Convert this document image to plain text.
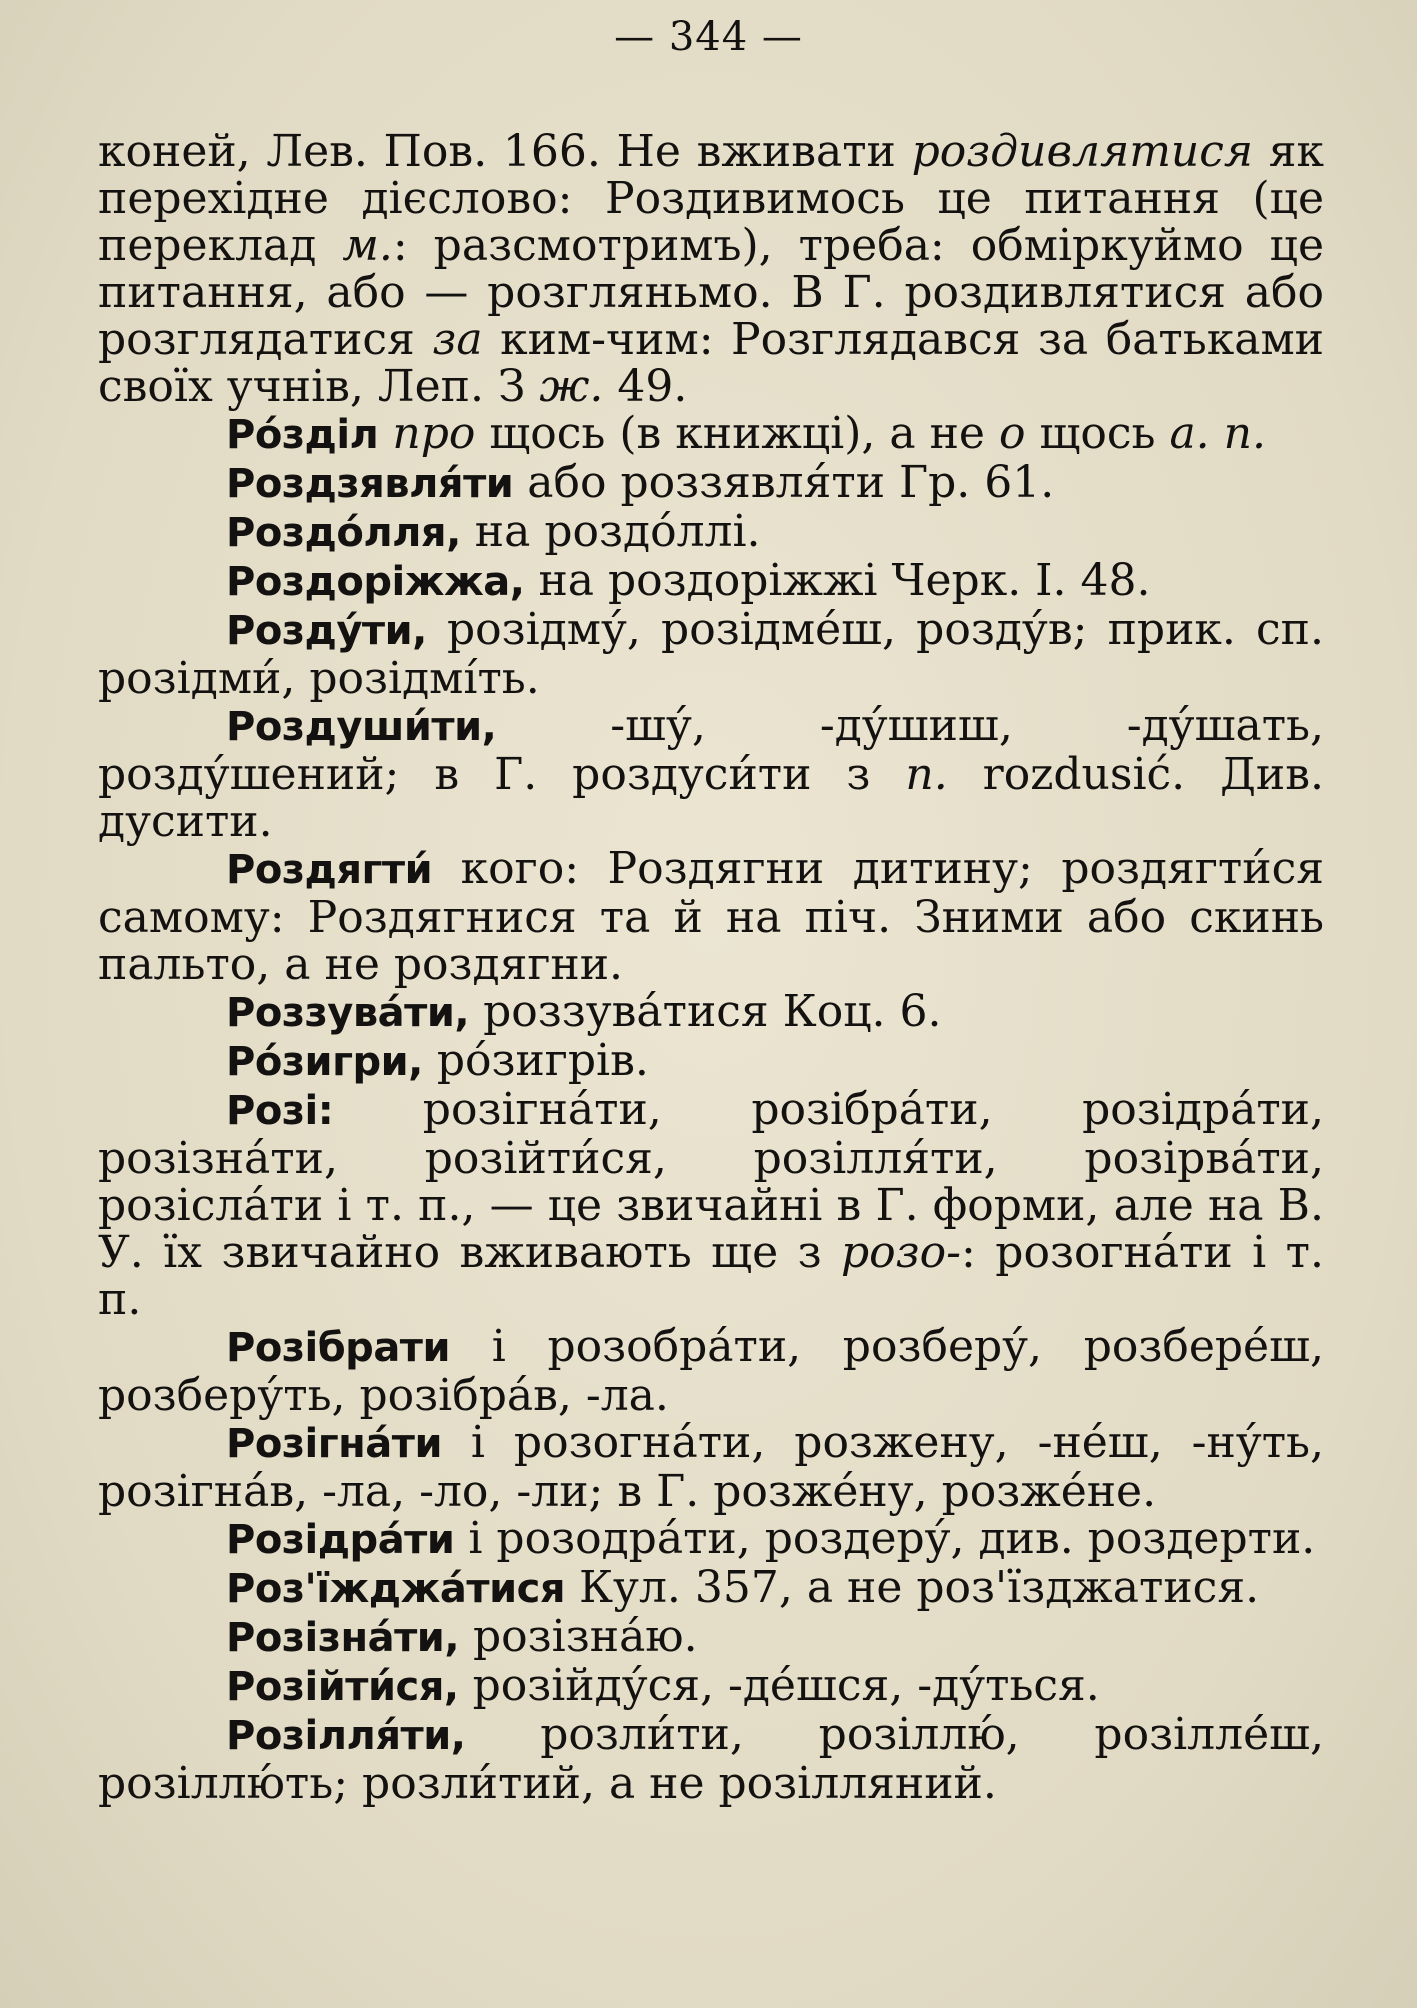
— 344 —

коней, Лев. Пов. 166. Не вживати роздивлятися як перехідне дієслово: Роздивимось це питання (це переклад м.: разсмотримъ), треба: обміркуймо це питання, або — розгляньмо. В Г. роздивлятися або розглядатися за ким-чим: Розглядався за батьками своїх учнів, Леп. З ж. 49.

Ро́зділ про щось (в книжці), а не о щось а. п.

Роздзявля́ти або роззявля́ти Гр. 61.

Роздо́лля, на роздо́ллі.

Роздоріжжа, на роздоріжжі Черк. І. 48.

Розду́ти, розідму́, розідме́ш, розду́в; прик. сп. розідми́, розідмі́ть.

Роздуши́ти, -шу́, -ду́шиш, -ду́шать, розду́шений; в Г. роздуси́ти з п. rozdusić. Див. дусити.

Роздягти́ кого: Роздягни дитину; роздягти́ся самому: Роздягнися та й на піч. Зними або скинь пальто, а не роздягни.

Роззува́ти, роззува́тися Коц. 6.

Ро́зигри, ро́зигрів.

Розі: розігна́ти, розібра́ти, розідра́ти, розізна́ти, розійти́ся, розілля́ти, розірва́ти, розісла́ти і т. п., — це звичайні в Г. форми, але на В. У. їх звичайно вживають ще з розо-: розогна́ти і т. п.

Розібрати і розобра́ти, розберу́, розбере́ш, розберу́ть, розібра́в, -ла.

Розігна́ти і розогна́ти, розжену, -не́ш, -ну́ть, розігна́в, -ла, -ло, -ли; в Г. розже́ну, розже́не.

Розідра́ти і розодра́ти, роздеру́, див. роздерти.

Роз'їжджа́тися Кул. 357, а не роз'їзджатися.

Розізна́ти, розізна́ю.

Розійти́ся, розійду́ся, -де́шся, -ду́ться.

Розілля́ти, розли́ти, розіллю́, розілле́ш, розіллю́ть; розли́тий, а не розілляний.
